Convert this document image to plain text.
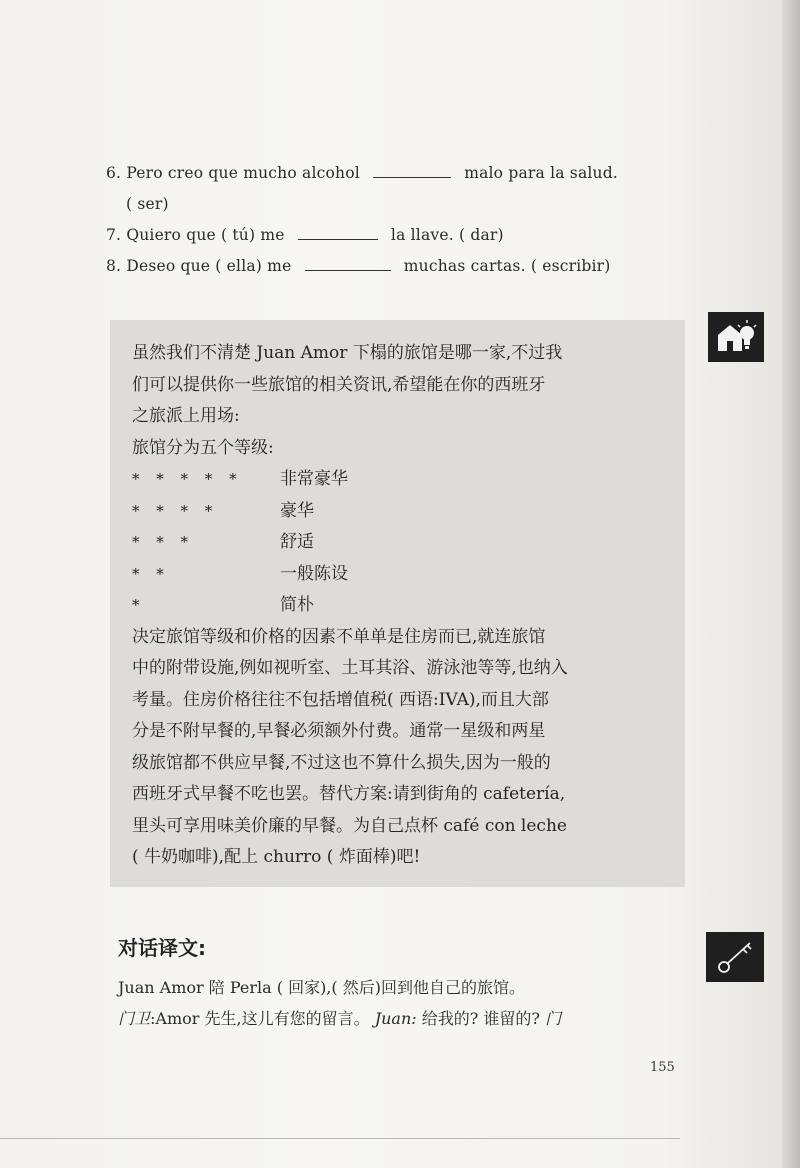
6. Pero creo que mucho alcohol	malo para la salud.
( ser)
7. Quiero que ( tú) me	la llave. ( dar)
8. Deseo que ( ella) me	muchas cartas. ( escribir)
虽然我们不清楚 Juan Amor 下榻的旅馆是哪一家,不过我
们可以提供你一些旅馆的相关资讯,希望能在你的西班牙
之旅派上用场:
旅馆分为五个等级:
* * * * *	非常豪华
* * * *	豪华
* * *	舒适
* *	一般陈设
*	简朴
决定旅馆等级和价格的因素不单单是住房而已,就连旅馆
中的附带设施,例如视听室、土耳其浴、游泳池等等,也纳入
考量。住房价格往往不包括增值税( 西语:IVA),而且大部
分是不附早餐的,早餐必须额外付费。通常一星级和两星
级旅馆都不供应早餐,不过这也不算什么损失,因为一般的
西班牙式早餐不吃也罢。替代方案:请到街角的 cafetería,
里头可享用味美价廉的早餐。为自己点杯 café con leche
( 牛奶咖啡),配上 churro ( 炸面棒)吧!
对话译文:
Juan Amor 陪 Perla ( 回家),( 然后)回到他自己的旅馆。
门卫:Amor 先生,这儿有您的留言。 Juan: 给我的? 谁留的? 门
155
